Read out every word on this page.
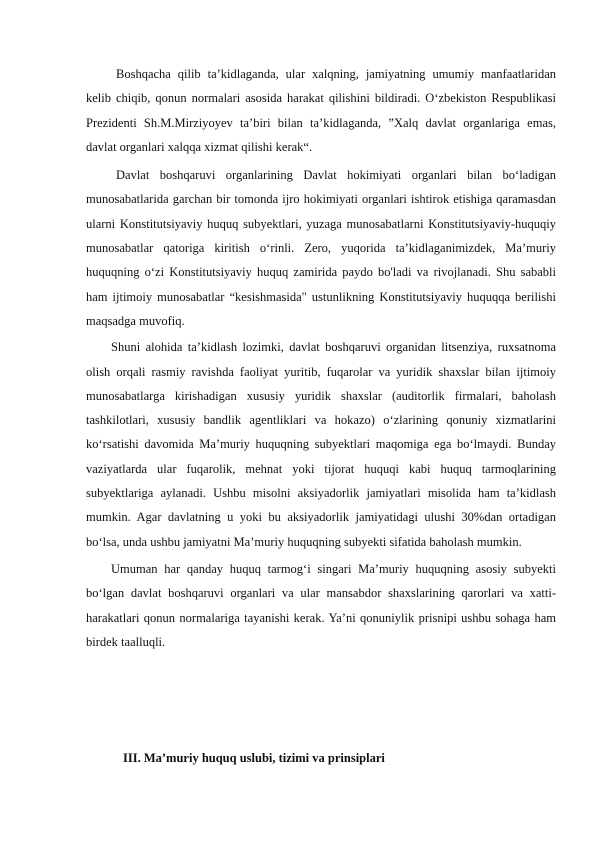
Boshqacha qilib ta’kidlaganda, ular xalqning, jamiyatning umumiy manfaatlaridan kelib chiqib, qonun normalari asosida harakat qilishini bildiradi. O‘zbekiston Respublikasi Prezidenti Sh.M.Mirziyoyev ta’biri bilan ta’kidlaganda, ”Xalq davlat organlariga emas, davlat organlari xalqqa xizmat qilishi kerak“.

Davlat boshqaruvi organlarining Davlat hokimiyati organlari bilan bo‘ladigan munosabatlarida garchan bir tomonda ijro hokimiyati organlari ishtirok etishiga qaramasdan ularni Konstitutsiyaviy huquq subyektlari, yuzaga munosabatlarni Konstitutsiyaviy-huquqiy munosabatlar qatoriga kiritish o‘rinli. Zero, yuqorida ta’kidlaganimizdek, Ma’muriy huquqning o‘zi Konstitutsiyaviy huquq zamirida paydo bo'ladi va rivojlanadi. Shu sababli ham ijtimoiy munosabatlar “kesishmasida" ustunlikning Konstitutsiyaviy huquqqa berilishi maqsadga muvofiq.

Shuni alohida ta’kidlash lozimki, davlat boshqaruvi organidan litsenziya, ruxsatnoma olish orqali rasmiy ravishda faoliyat yuritib, fuqarolar va yuridik shaxslar bilan ijtimoiy munosabatlarga kirishadigan xususiy yuridik shaxslar (auditorlik firmalari, baholash tashkilotlari, xususiy bandlik agentliklari va hokazo) o‘zlarining qonuniy xizmatlarini ko‘rsatishi davomida Ma’muriy huquqning subyektlari maqomiga ega bo‘lmaydi. Bunday vaziyatlarda ular fuqarolik, mehnat yoki tijorat huquqi kabi huquq tarmoqlarining subyektlariga aylanadi. Ushbu misolni aksiyadorlik jamiyatlari misolida ham ta’kidlash mumkin. Agar davlatning u yoki bu aksiyadorlik jamiyatidagi ulushi 30%dan ortadigan bo‘lsa, unda ushbu jamiyatni Ma’muriy huquqning subyekti sifatida baholash mumkin.

Umuman har qanday huquq tarmog‘i singari Ma’muriy huquqning asosiy subyekti bo‘lgan davlat boshqaruvi organlari va ular mansabdor shaxslarining qarorlari va xatti-harakatlari qonun normalariga tayanishi kerak. Ya’ni qonuniylik prisnipi ushbu sohaga ham birdek taalluqli.

III. Ma’muriy huquq uslubi, tizimi va prinsiplari
